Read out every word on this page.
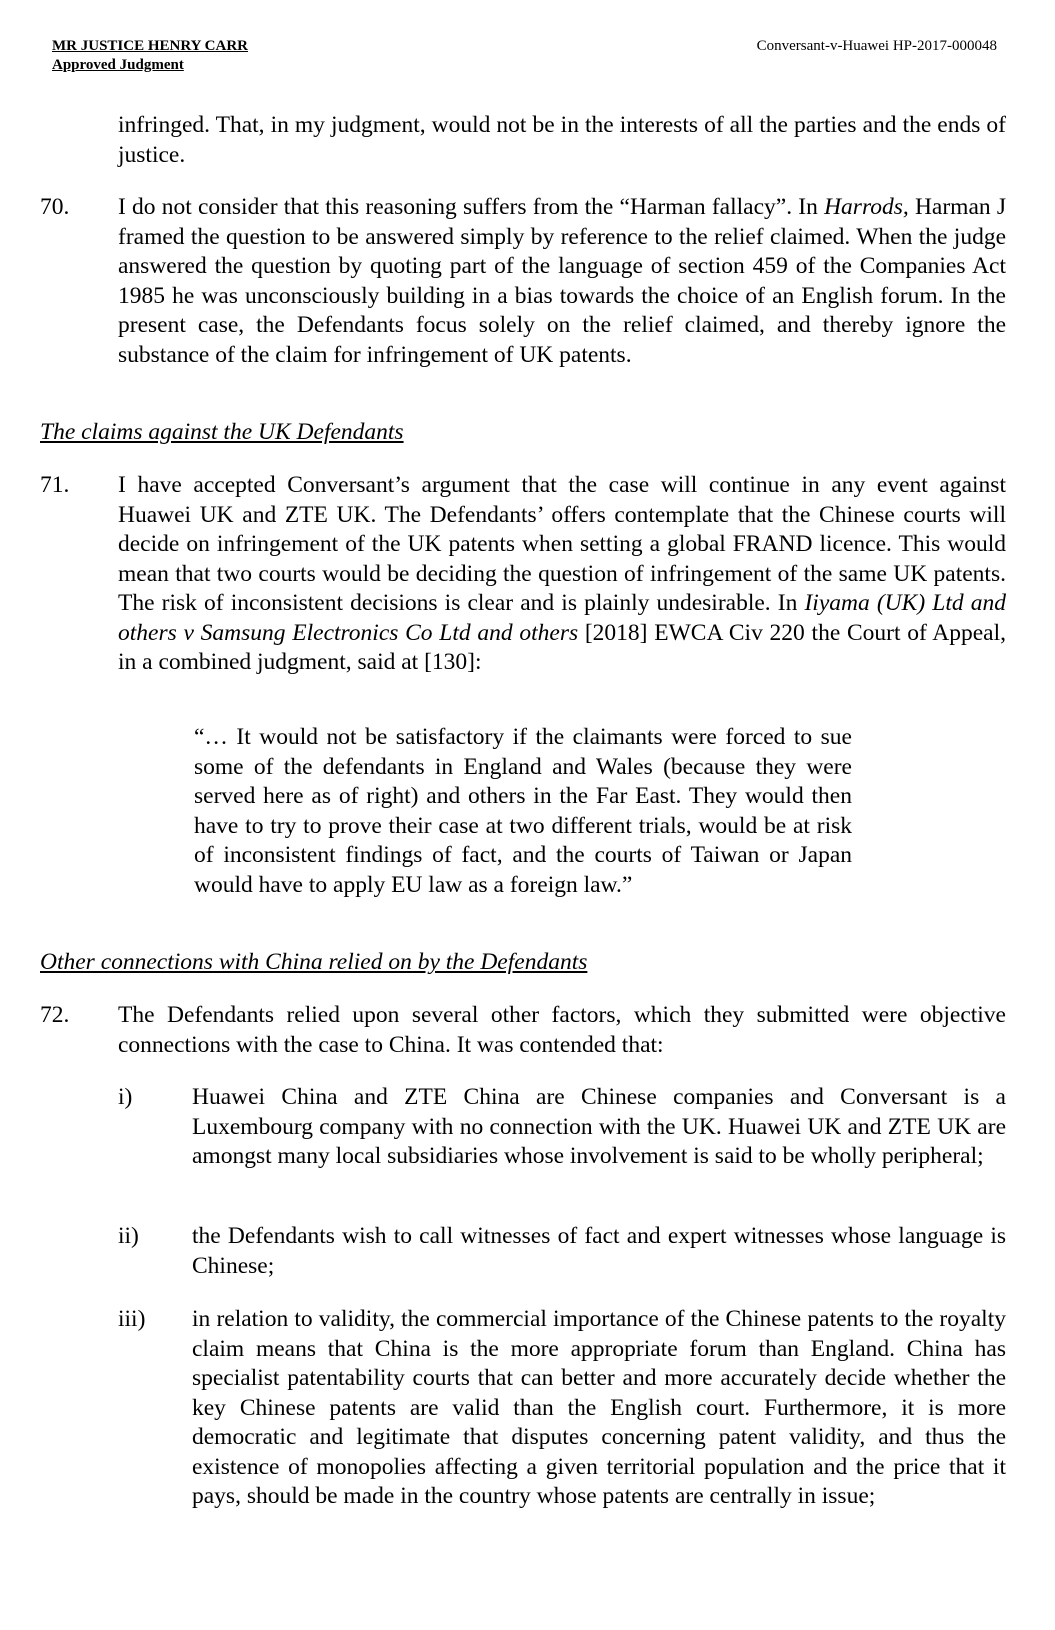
MR JUSTICE HENRY CARR
Approved Judgment
Conversant-v-Huawei HP-2017-000048
infringed. That, in my judgment, would not be in the interests of all the parties and the ends of justice.
70. I do not consider that this reasoning suffers from the “Harman fallacy”. In Harrods, Harman J framed the question to be answered simply by reference to the relief claimed. When the judge answered the question by quoting part of the language of section 459 of the Companies Act 1985 he was unconsciously building in a bias towards the choice of an English forum. In the present case, the Defendants focus solely on the relief claimed, and thereby ignore the substance of the claim for infringement of UK patents.
The claims against the UK Defendants
71. I have accepted Conversant’s argument that the case will continue in any event against Huawei UK and ZTE UK. The Defendants’ offers contemplate that the Chinese courts will decide on infringement of the UK patents when setting a global FRAND licence. This would mean that two courts would be deciding the question of infringement of the same UK patents. The risk of inconsistent decisions is clear and is plainly undesirable. In Iiyama (UK) Ltd and others v Samsung Electronics Co Ltd and others [2018] EWCA Civ 220 the Court of Appeal, in a combined judgment, said at [130]:
“… It would not be satisfactory if the claimants were forced to sue some of the defendants in England and Wales (because they were served here as of right) and others in the Far East. They would then have to try to prove their case at two different trials, would be at risk of inconsistent findings of fact, and the courts of Taiwan or Japan would have to apply EU law as a foreign law.”
Other connections with China relied on by the Defendants
72. The Defendants relied upon several other factors, which they submitted were objective connections with the case to China. It was contended that:
i)	Huawei China and ZTE China are Chinese companies and Conversant is a Luxembourg company with no connection with the UK. Huawei UK and ZTE UK are amongst many local subsidiaries whose involvement is said to be wholly peripheral;
ii) the Defendants wish to call witnesses of fact and expert witnesses whose language is Chinese;
iii) in relation to validity, the commercial importance of the Chinese patents to the royalty claim means that China is the more appropriate forum than England. China has specialist patentability courts that can better and more accurately decide whether the key Chinese patents are valid than the English court. Furthermore, it is more democratic and legitimate that disputes concerning patent validity, and thus the existence of monopolies affecting a given territorial population and the price that it pays, should be made in the country whose patents are centrally in issue;
